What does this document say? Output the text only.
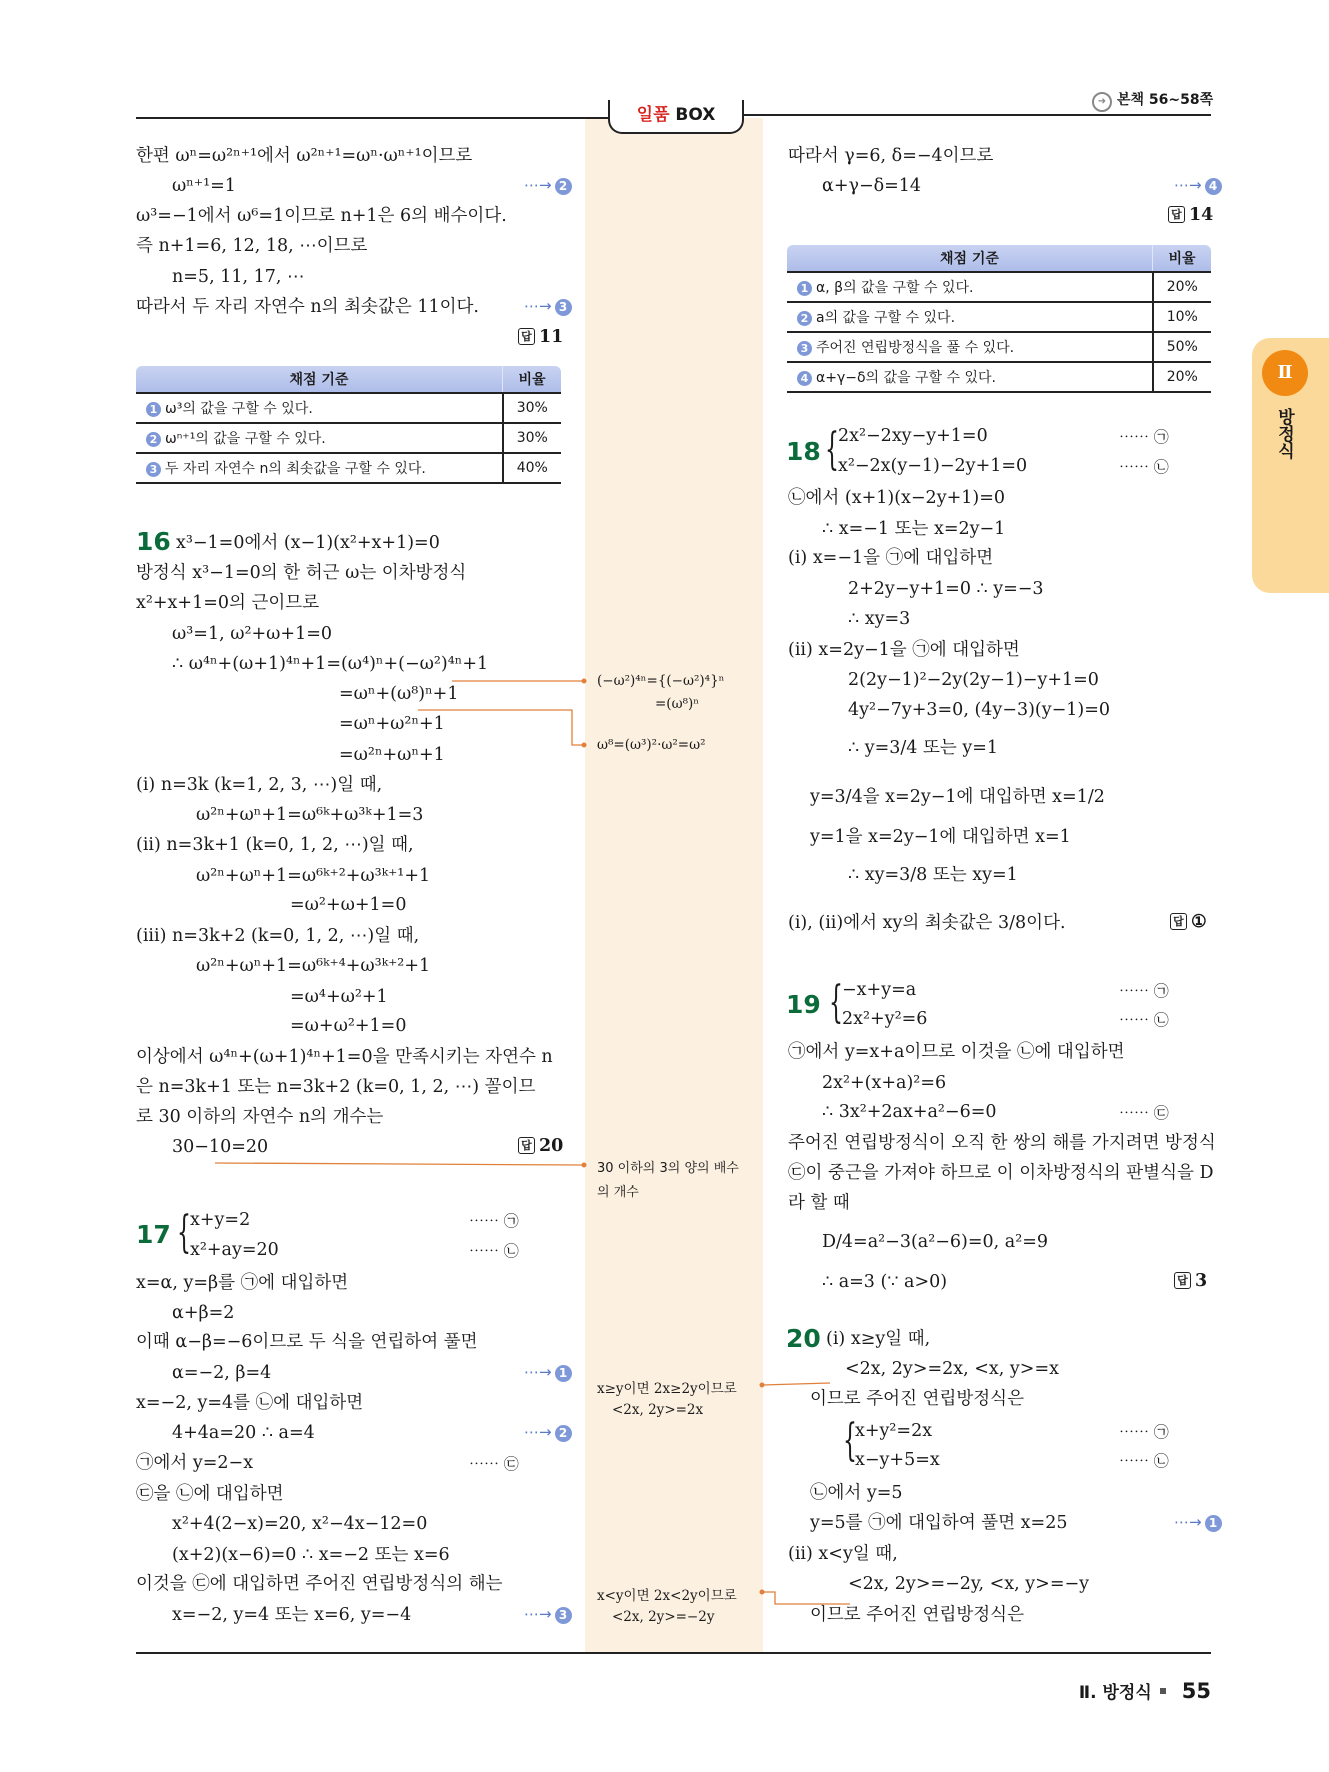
일품 BOX
➜ 본책 56~58쪽
Ⅱ. 방정식 55
Ⅱ
방정식
한편 ωⁿ=ω²ⁿ⁺¹에서 ω²ⁿ⁺¹=ωⁿ·ωⁿ⁺¹이므로
ωⁿ⁺¹=1	⋯→ 2
ω³=−1에서 ω⁶=1이므로 n+1은 6의 배수이다.
즉 n+1=6, 12, 18, ⋯이므로
n=5, 11, 17, ⋯
따라서 두 자리 자연수 n의 최솟값은 11이다.	⋯→ 3
답 11
채점 기준	비율
1 ω³의 값을 구할 수 있다.	30%
2 ωⁿ⁺¹의 값을 구할 수 있다.	30%
3 두 자리 자연수 n의 최솟값을 구할 수 있다.	40%
16 x³−1=0에서 (x−1)(x²+x+1)=0
방정식 x³−1=0의 한 허근 ω는 이차방정식
x²+x+1=0의 근이므로
ω³=1, ω²+ω+1=0
∴ ω⁴ⁿ+(ω+1)⁴ⁿ+1=(ω⁴)ⁿ+(−ω²)⁴ⁿ+1
=ωⁿ+(ω⁸)ⁿ+1
=ωⁿ+ω²ⁿ+1
=ω²ⁿ+ωⁿ+1
(i) n=3k (k=1, 2, 3, ⋯)일 때,
ω²ⁿ+ωⁿ+1=ω⁶ᵏ+ω³ᵏ+1=3
(ii) n=3k+1 (k=0, 1, 2, ⋯)일 때,
ω²ⁿ+ωⁿ+1=ω⁶ᵏ⁺²+ω³ᵏ⁺¹+1
=ω²+ω+1=0
(iii) n=3k+2 (k=0, 1, 2, ⋯)일 때,
ω²ⁿ+ωⁿ+1=ω⁶ᵏ⁺⁴+ω³ᵏ⁺²+1
=ω⁴+ω²+1
=ω+ω²+1=0
이상에서 ω⁴ⁿ+(ω+1)⁴ⁿ+1=0을 만족시키는 자연수 n
은 n=3k+1 또는 n=3k+2 (k=0, 1, 2, ⋯) 꼴이므
로 30 이하의 자연수 n의 개수는
30−10=20	답 20
17 { x+y=2
x²+ay=20
⋯⋯ ㉠
⋯⋯ ㉡
x=α, y=β를 ㉠에 대입하면
α+β=2
이때 α−β=−6이므로 두 식을 연립하여 풀면
α=−2, β=4	⋯→ 1
x=−2, y=4를 ㉡에 대입하면
4+4a=20 ∴ a=4	⋯→ 2
㉠에서 y=2−x	⋯⋯ ㉢
㉢을 ㉡에 대입하면
x²+4(2−x)=20, x²−4x−12=0
(x+2)(x−6)=0 ∴ x=−2 또는 x=6
이것을 ㉢에 대입하면 주어진 연립방정식의 해는
x=−2, y=4 또는 x=6, y=−4	⋯→ 3
(−ω²)⁴ⁿ={(−ω²)⁴}ⁿ
=(ω⁸)ⁿ
ω⁸=(ω³)²·ω²=ω²
30 이하의 3의 양의 배수
의 개수
x≥y이면 2x≥2y이므로
<2x, 2y>=2x
x<y이면 2x<2y이므로
<2x, 2y>=−2y
따라서 γ=6, δ=−4이므로
α+γ−δ=14	⋯→ 4
답 14
채점 기준	비율
1 α, β의 값을 구할 수 있다.	20%
2 a의 값을 구할 수 있다.	10%
3 주어진 연립방정식을 풀 수 있다.	50%
4 α+γ−δ의 값을 구할 수 있다.	20%
18 { 2x²−2xy−y+1=0
x²−2x(y−1)−2y+1=0
⋯⋯ ㉠
⋯⋯ ㉡
㉡에서 (x+1)(x−2y+1)=0
∴ x=−1 또는 x=2y−1
(i) x=−1을 ㉠에 대입하면
2+2y−y+1=0 ∴ y=−3
∴ xy=3
(ii) x=2y−1을 ㉠에 대입하면
2(2y−1)²−2y(2y−1)−y+1=0
4y²−7y+3=0, (4y−3)(y−1)=0
∴ y=3/4 또는 y=1
y=3/4을 x=2y−1에 대입하면 x=1/2
y=1을 x=2y−1에 대입하면 x=1
∴ xy=3/8 또는 xy=1
(i), (ii)에서 xy의 최솟값은 3/8이다.	답 ①
19 { −x+y=a
2x²+y²=6
⋯⋯ ㉠
⋯⋯ ㉡
㉠에서 y=x+a이므로 이것을 ㉡에 대입하면
2x²+(x+a)²=6
∴ 3x²+2ax+a²−6=0	⋯⋯ ㉢
주어진 연립방정식이 오직 한 쌍의 해를 가지려면 방정식
㉢이 중근을 가져야 하므로 이 이차방정식의 판별식을 D
라 할 때
D/4=a²−3(a²−6)=0, a²=9
∴ a=3 (∵ a>0)	답 3
20 (i) x≥y일 때,
<2x, 2y>=2x, <x, y>=x
이므로 주어진 연립방정식은
{
x+y²=2x
x−y+5=x
⋯⋯ ㉠
⋯⋯ ㉡
㉡에서 y=5
y=5를 ㉠에 대입하여 풀면 x=25	⋯→ 1
(ii) x<y일 때,
<2x, 2y>=−2y, <x, y>=−y
이므로 주어진 연립방정식은
